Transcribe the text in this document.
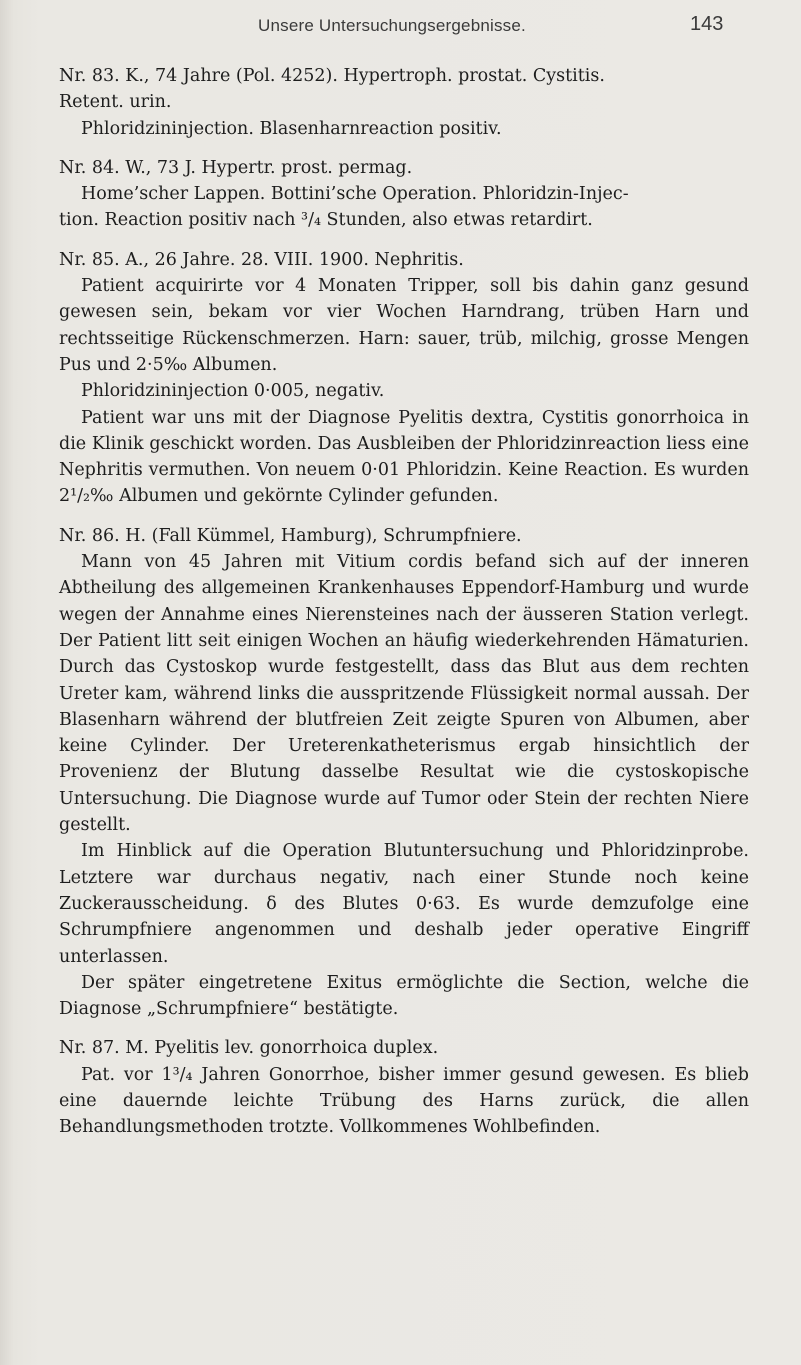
Unsere Untersuchungsergebnisse.	143

Nr. 83. K., 74 Jahre (Pol. 4252). Hypertroph. prostat. Cystitis.

Retent. urin.

Phloridzininjection. Blasenharnreaction positiv.

Nr. 84. W., 73 J. Hypertr. prost. permag.

Home’scher Lappen. Bottini’sche Operation. Phloridzin-Injec-

tion. Reaction positiv nach ³/₄ Stunden, also etwas retardirt.

Nr. 85. A., 26 Jahre. 28. VIII. 1900. Nephritis.

Patient acquirirte vor 4 Monaten Tripper, soll bis dahin ganz gesund gewesen sein, bekam vor vier Wochen Harndrang, trüben Harn und rechtsseitige Rückenschmerzen. Harn: sauer, trüb, milchig, grosse Mengen Pus und 2·5‰ Albumen.

Phloridzininjection 0·005, negativ.

Patient war uns mit der Diagnose Pyelitis dextra, Cystitis gonorrhoica in die Klinik geschickt worden. Das Ausbleiben der Phloridzinreaction liess eine Nephritis vermuthen. Von neuem 0·01 Phloridzin. Keine Reaction. Es wurden 2¹/₂‰ Albumen und gekörnte Cylinder gefunden.

Nr. 86. H. (Fall Kümmel, Hamburg), Schrumpfniere.

Mann von 45 Jahren mit Vitium cordis befand sich auf der inneren Abtheilung des allgemeinen Krankenhauses Eppendorf-Hamburg und wurde wegen der Annahme eines Nierensteines nach der äusseren Station verlegt. Der Patient litt seit einigen Wochen an häufig wiederkehrenden Hämaturien. Durch das Cystoskop wurde festgestellt, dass das Blut aus dem rechten Ureter kam, während links die ausspritzende Flüssigkeit normal aussah. Der Blasenharn während der blutfreien Zeit zeigte Spuren von Albumen, aber keine Cylinder. Der Ureterenkatheterismus ergab hinsichtlich der Provenienz der Blutung dasselbe Resultat wie die cystoskopische Untersuchung. Die Diagnose wurde auf Tumor oder Stein der rechten Niere gestellt.

Im Hinblick auf die Operation Blutuntersuchung und Phloridzinprobe. Letztere war durchaus negativ, nach einer Stunde noch keine Zuckerausscheidung. δ des Blutes 0·63. Es wurde demzufolge eine Schrumpfniere angenommen und deshalb jeder operative Eingriff unterlassen.

Der später eingetretene Exitus ermöglichte die Section, welche die Diagnose „Schrumpfniere“ bestätigte.

Nr. 87. M. Pyelitis lev. gonorrhoica duplex.

Pat. vor 1³/₄ Jahren Gonorrhoe, bisher immer gesund gewesen. Es blieb eine dauernde leichte Trübung des Harns zurück, die allen Behandlungsmethoden trotzte. Vollkommenes Wohlbefinden.
